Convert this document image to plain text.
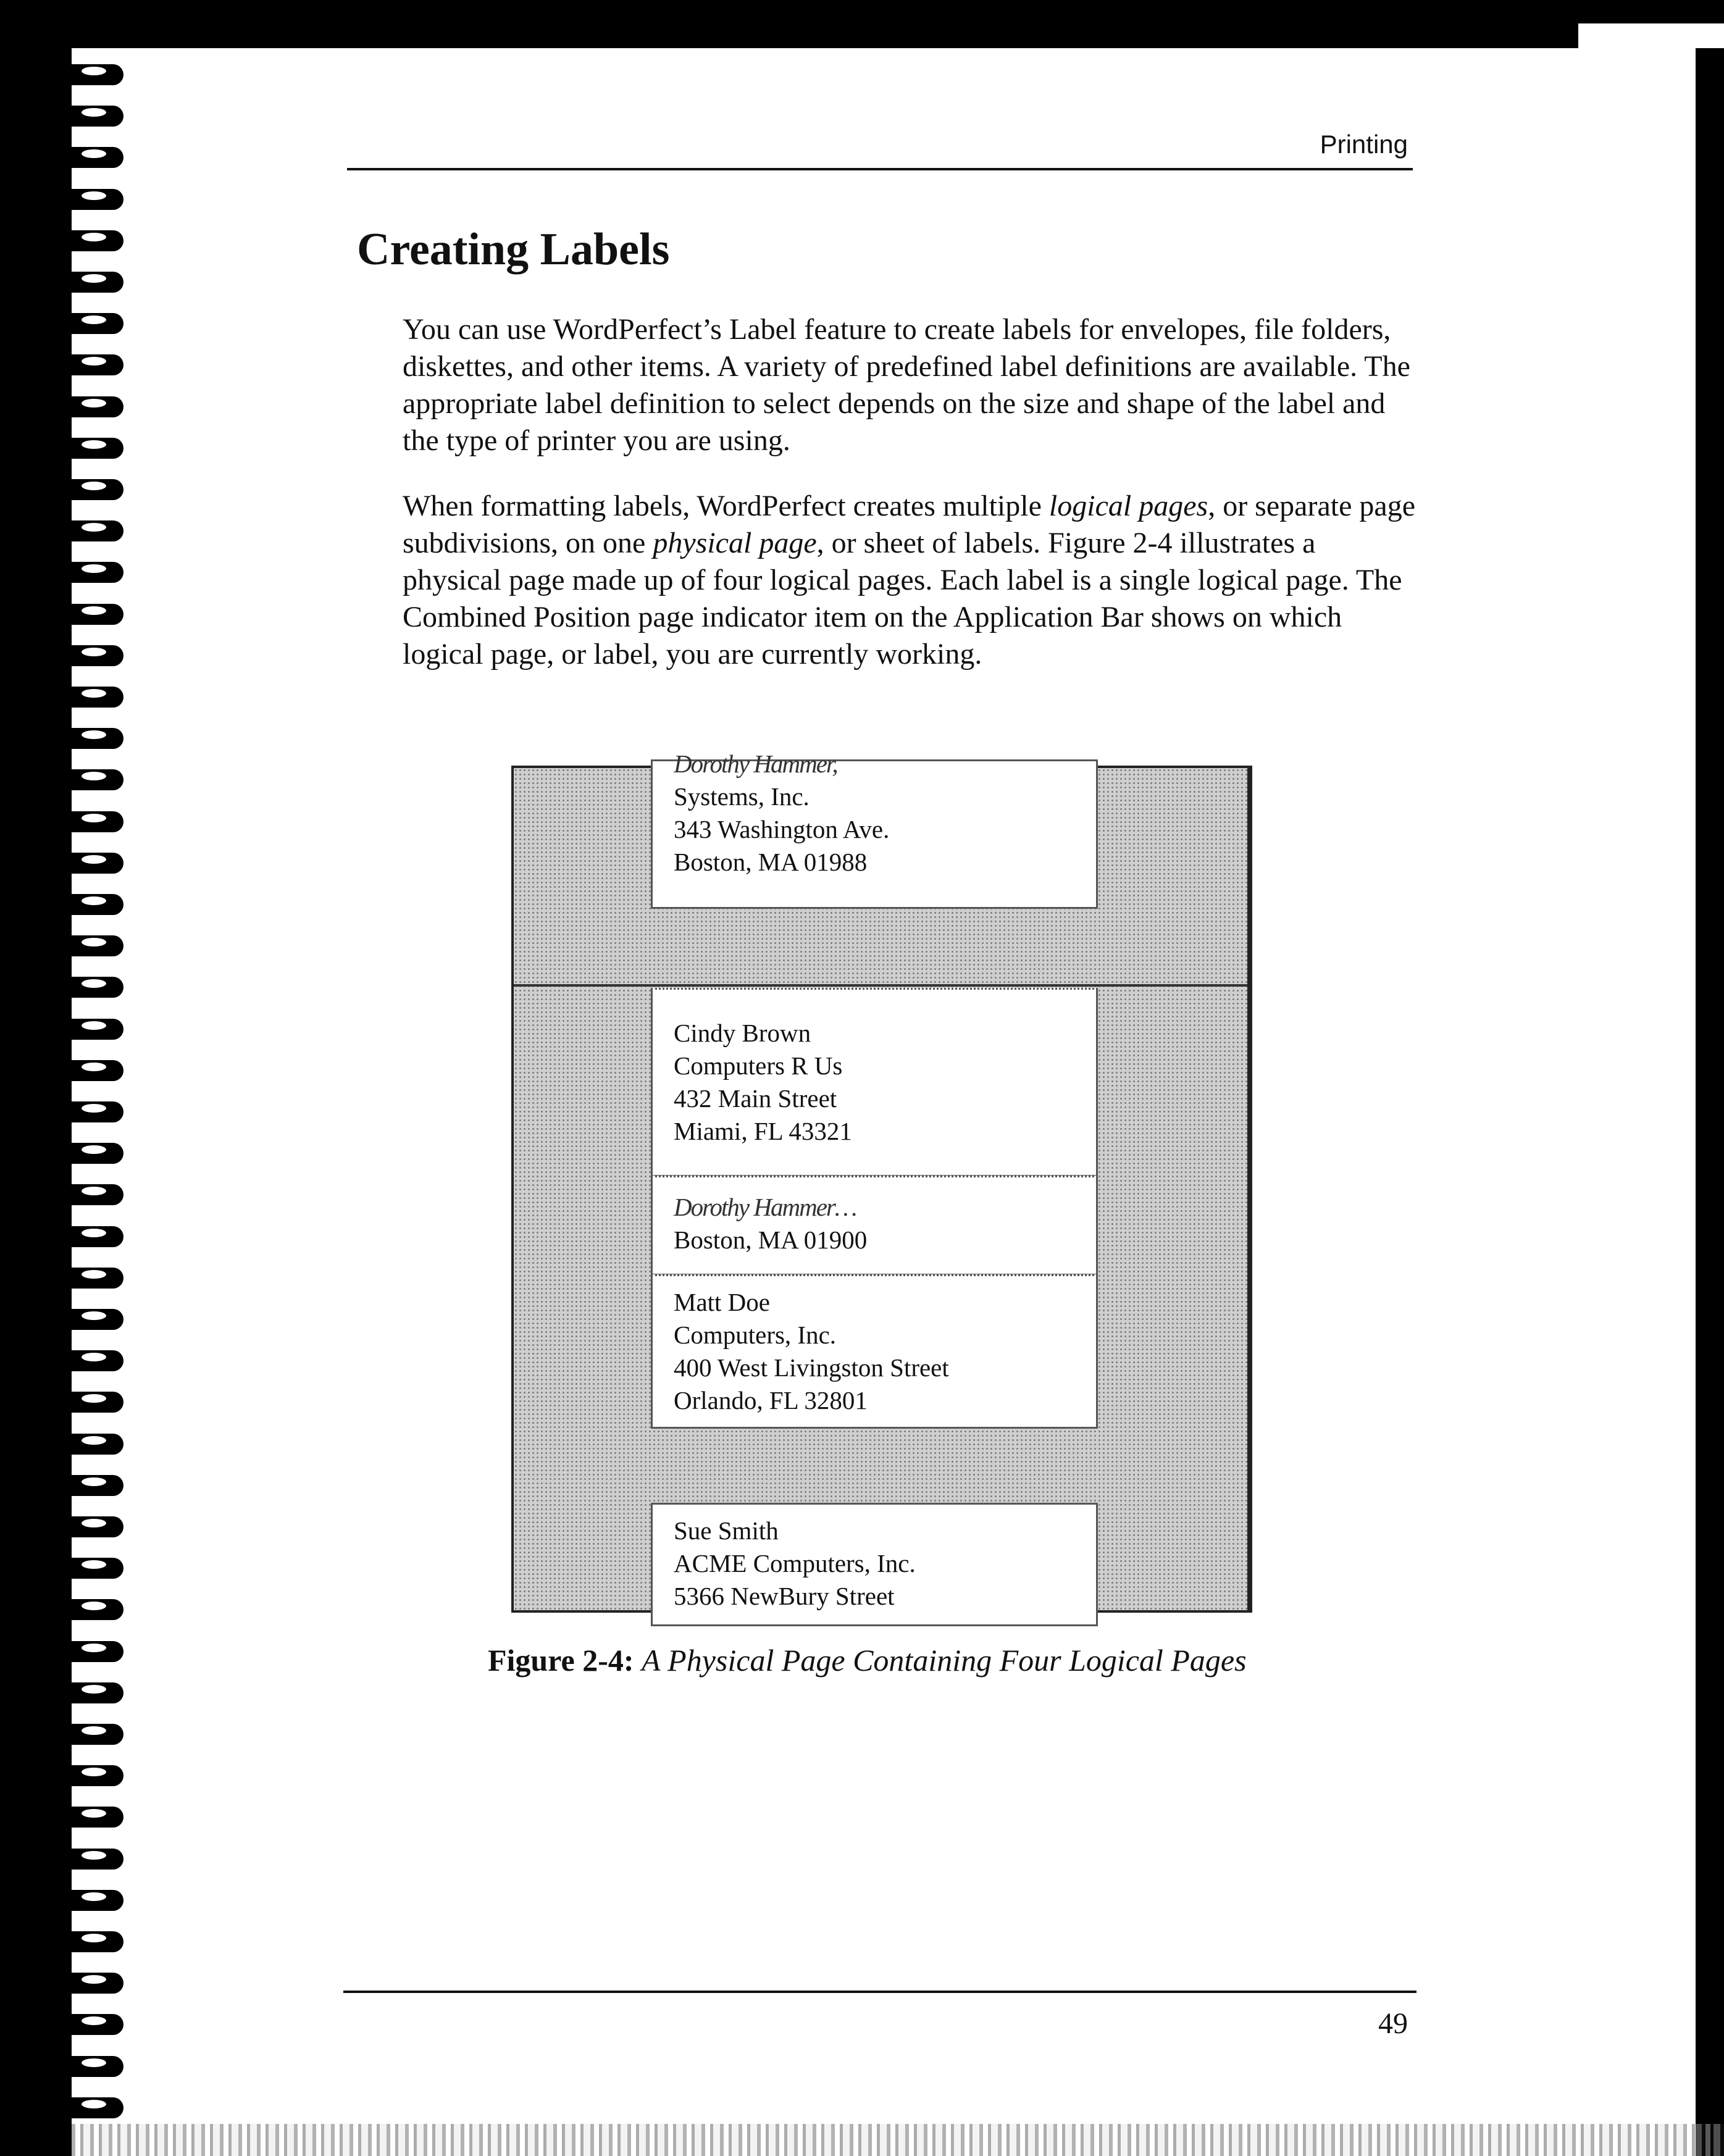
Printing
Creating Labels

You can use WordPerfect’s Label feature to create labels for envelopes, file folders, diskettes, and other items. A variety of predefined label definitions are available. The appropriate label definition to select depends on the size and shape of the label and the type of printer you are using.

When formatting labels, WordPerfect creates multiple logical pages, or separate page subdivisions, on one physical page, or sheet of labels. Figure 2-4 illustrates a physical page made up of four logical pages. Each label is a single logical page. The Combined Position page indicator item on the Application Bar shows on which logical page, or label, you are currently working.

Dorothy Hammer,
Systems, Inc.
343 Washington Ave.
Boston, MA 01988
Cindy Brown
Computers R Us
432 Main Street
Miami, FL 43321
Dorothy Hammer…
Boston, MA 01900
Matt Doe
Computers, Inc.
400 West Livingston Street
Orlando, FL 32801
Sue Smith
ACME Computers, Inc.
5366 NewBury Street
Figure 2-4: A Physical Page Containing Four Logical Pages
49
